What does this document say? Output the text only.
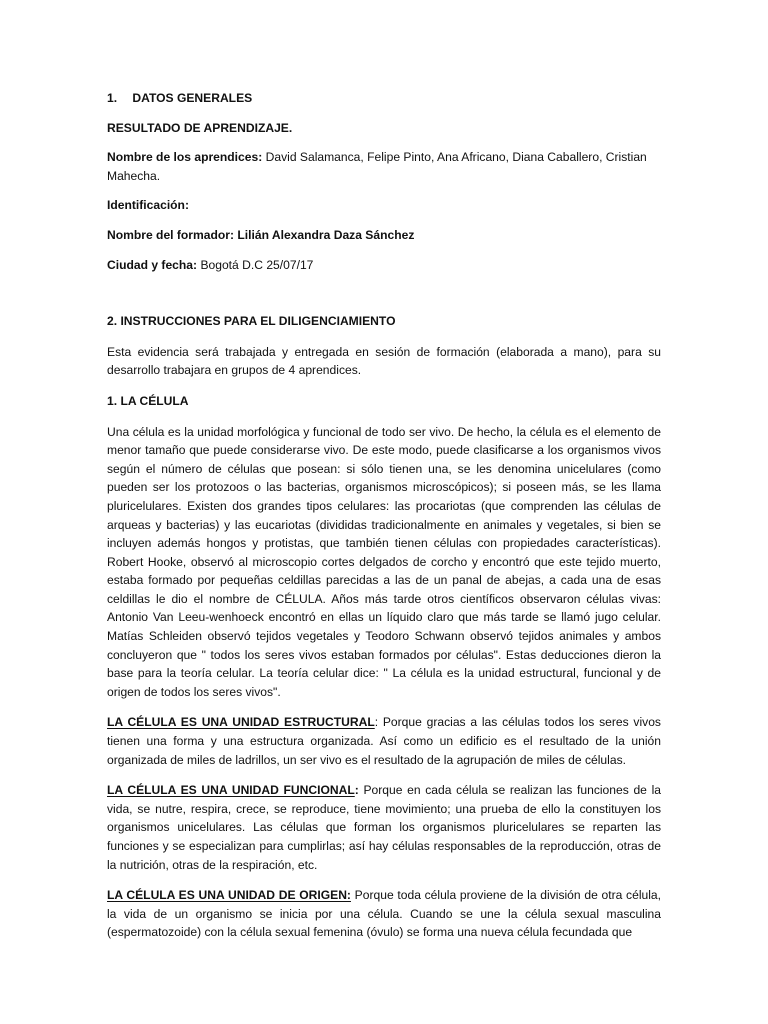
1. DATOS GENERALES

RESULTADO DE APRENDIZAJE.

Nombre de los aprendices: David Salamanca, Felipe Pinto, Ana Africano, Diana Caballero, Cristian Mahecha.

Identificación:

Nombre del formador: Lilián Alexandra Daza Sánchez

Ciudad y fecha: Bogotá D.C 25/07/17

2. INSTRUCCIONES PARA EL DILIGENCIAMIENTO

Esta evidencia será trabajada y entregada en sesión de formación (elaborada a mano), para su desarrollo trabajara en grupos de 4 aprendices.

1. LA CÉLULA

Una célula es la unidad morfológica y funcional de todo ser vivo. De hecho, la célula es el elemento de menor tamaño que puede considerarse vivo. De este modo, puede clasificarse a los organismos vivos según el número de células que posean: si sólo tienen una, se les denomina unicelulares (como pueden ser los protozoos o las bacterias, organismos microscópicos); si poseen más, se les llama pluricelulares. Existen dos grandes tipos celulares: las procariotas (que comprenden las células de arqueas y bacterias) y las eucariotas (divididas tradicionalmente en animales y vegetales, si bien se incluyen además hongos y protistas, que también tienen células con propiedades características). Robert Hooke, observó al microscopio cortes delgados de corcho y encontró que este tejido muerto, estaba formado por pequeñas celdillas parecidas a las de un panal de abejas, a cada una de esas celdillas le dio el nombre de CÉLULA. Años más tarde otros científicos observaron células vivas: Antonio Van Leeu-wenhoeck encontró en ellas un líquido claro que más tarde se llamó jugo celular. Matías Schleiden observó tejidos vegetales y Teodoro Schwann observó tejidos animales y ambos concluyeron que " todos los seres vivos estaban formados por células". Estas deducciones dieron la base para la teoría celular. La teoría celular dice: " La célula es la unidad estructural, funcional y de origen de todos los seres vivos".

LA CÉLULA ES UNA UNIDAD ESTRUCTURAL: Porque gracias a las células todos los seres vivos tienen una forma y una estructura organizada. Así como un edificio es el resultado de la unión organizada de miles de ladrillos, un ser vivo es el resultado de la agrupación de miles de células.

LA CÉLULA ES UNA UNIDAD FUNCIONAL: Porque en cada célula se realizan las funciones de la vida, se nutre, respira, crece, se reproduce, tiene movimiento; una prueba de ello la constituyen los organismos unicelulares. Las células que forman los organismos pluricelulares se reparten las funciones y se especializan para cumplirlas; así hay células responsables de la reproducción, otras de la nutrición, otras de la respiración, etc.

LA CÉLULA ES UNA UNIDAD DE ORIGEN: Porque toda célula proviene de la división de otra célula, la vida de un organismo se inicia por una célula. Cuando se une la célula sexual masculina (espermatozoide) con la célula sexual femenina (óvulo) se forma una nueva célula fecundada que
